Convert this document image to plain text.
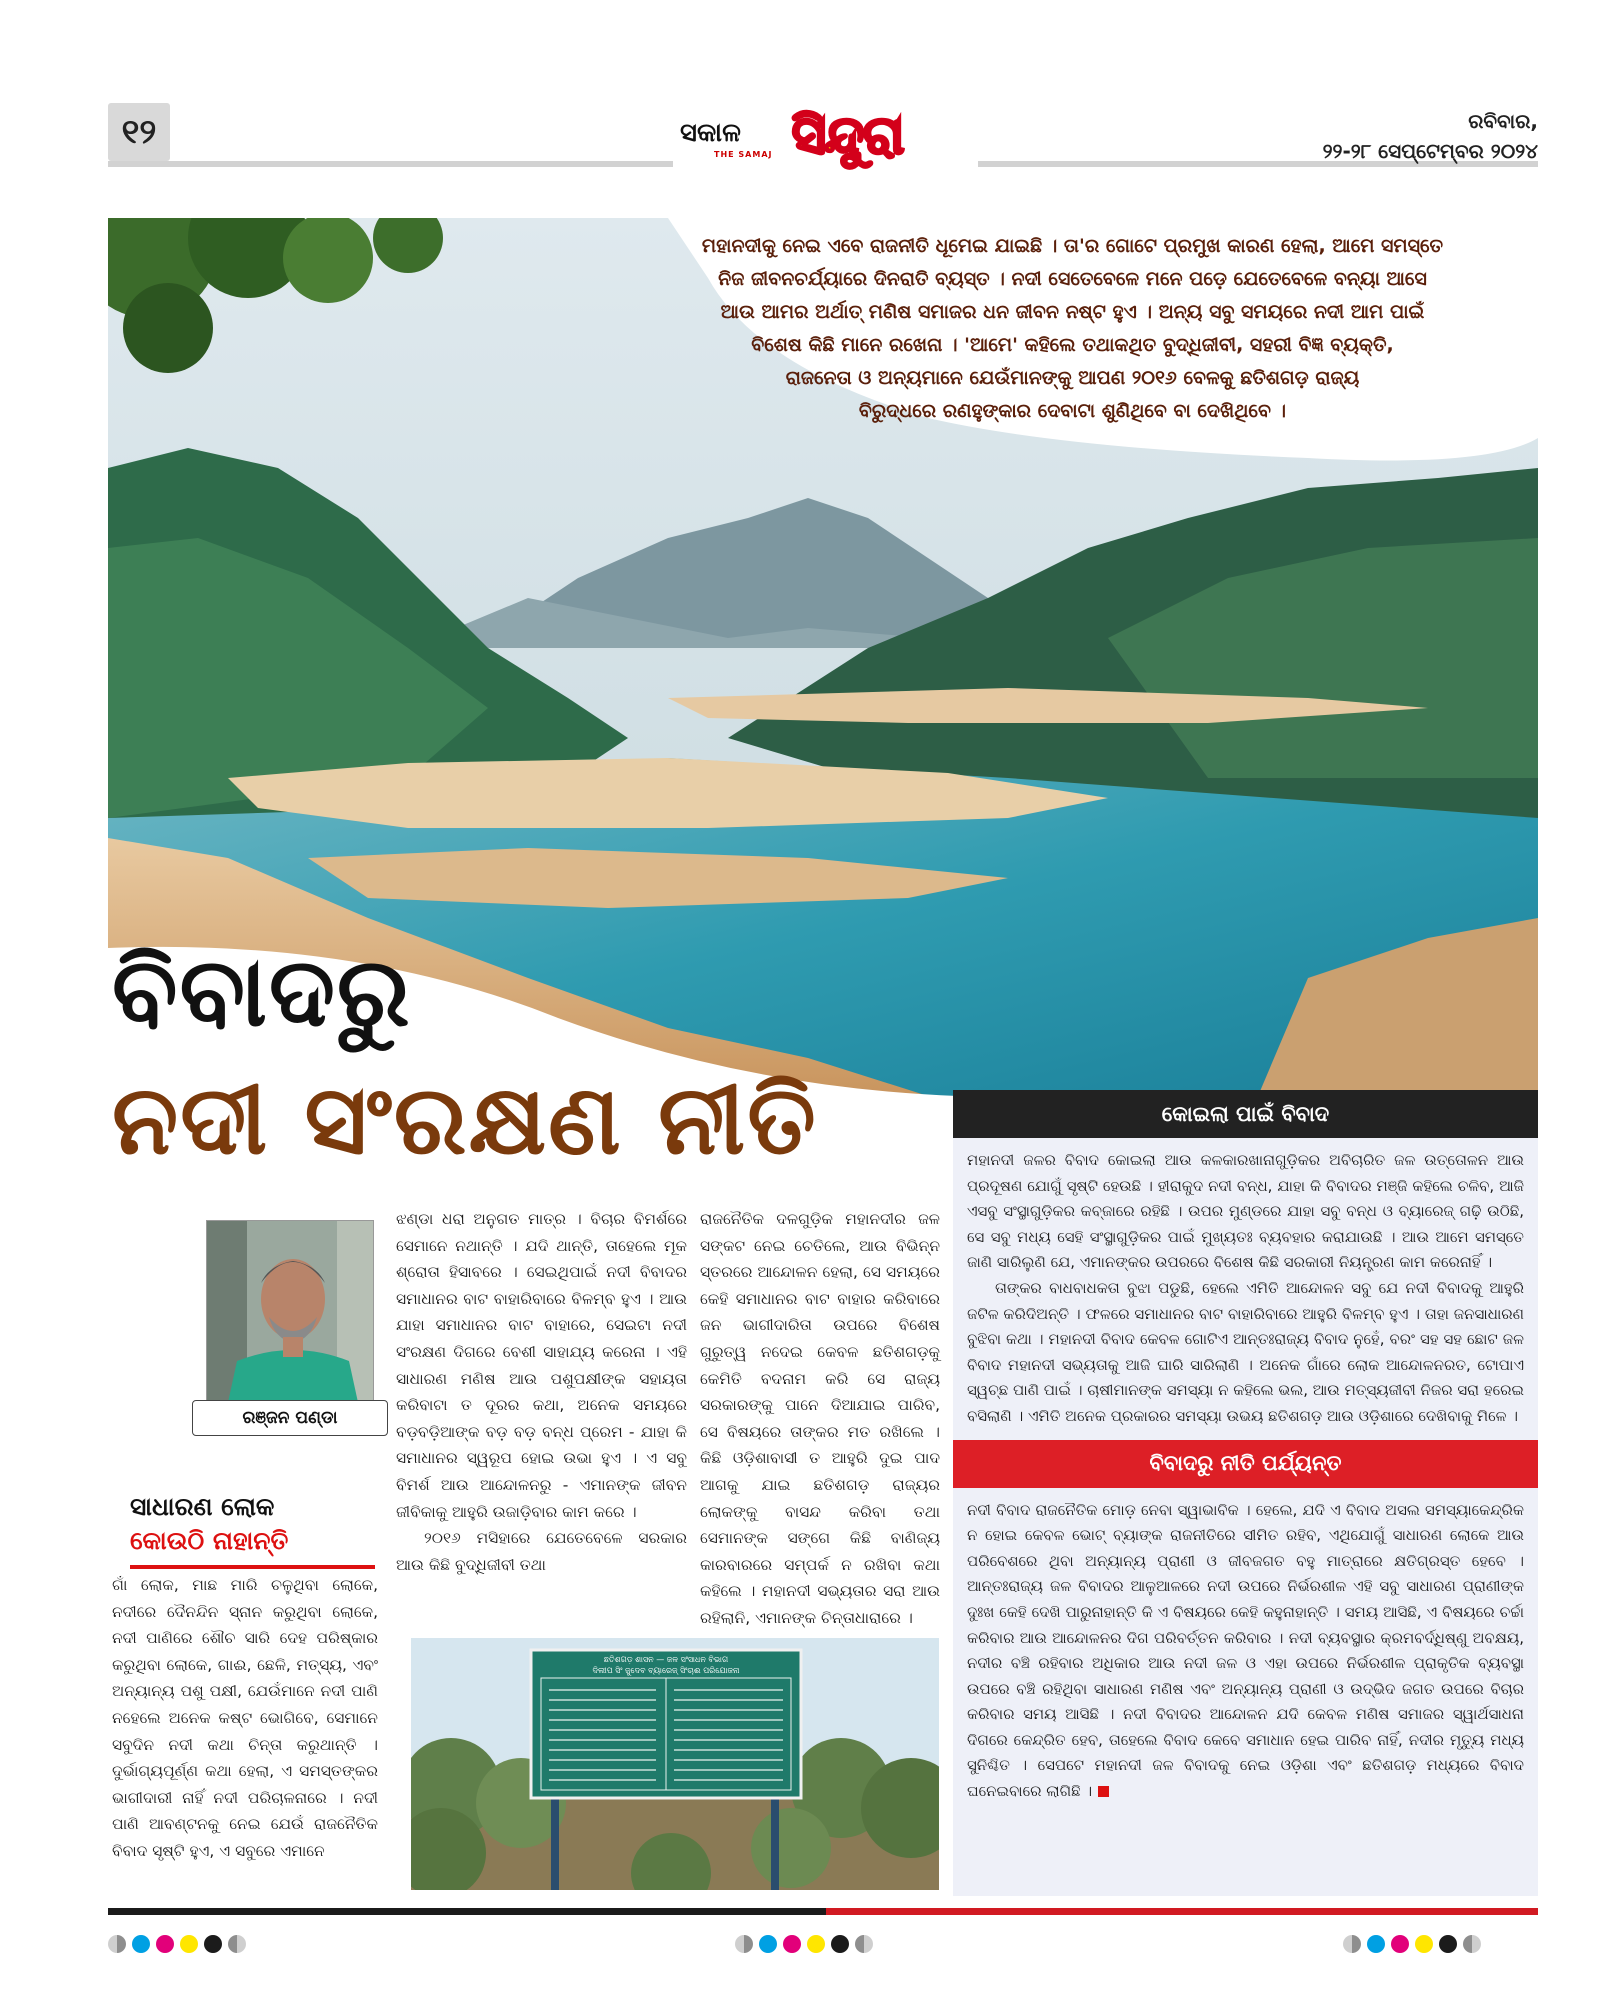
୧୨	ସକାଳ
THE SAMAJ ସିନ୍ଦୁରା	ରବିବାର,
୨୨-୨୮ ସେପ୍ଟେମ୍ବର ୨୦୨୪

ମହାନଦୀକୁ ନେଇ ଏବେ ରାଜନୀତି ଧୂମେଇ ଯାଇଛି । ତା'ର ଗୋଟେ ପ୍ରମୁଖ କାରଣ ହେଲା, ଆମେ ସମସ୍ତେ

ନିଜ ଜୀବନଚର୍ଯ୍ୟାରେ ଦିନରାତି ବ୍ୟସ୍ତ । ନଦୀ ସେତେବେଳେ ମନେ ପଡ଼େ ଯେତେବେଳେ ବନ୍ୟା ଆସେ

ଆଉ ଆମର ଅର୍ଥାତ୍ ମଣିଷ ସମାଜର ଧନ ଜୀବନ ନଷ୍ଟ ହୁଏ । ଅନ୍ୟ ସବୁ ସମୟରେ ନଦୀ ଆମ ପାଇଁ

ବିଶେଷ କିଛି ମାନେ ରଖେନା । 'ଆମେ' କହିଲେ ତଥାକଥିତ ବୁଦ୍ଧିଜୀବୀ, ସହରୀ ବିଜ୍ଞ ବ୍ୟକ୍ତି,

ରାଜନେତା ଓ ଅନ୍ୟମାନେ ଯେଉଁମାନଙ୍କୁ ଆପଣ ୨୦୧୬ ବେଳକୁ ଛତିଶଗଡ଼ ରାଜ୍ୟ

ବିରୁଦ୍ଧରେ ରଣହୁଙ୍କାର ଦେବାଟା ଶୁଣିଥିବେ ବା ଦେଖିଥିବେ ।

ବିବାଦରୁ
ନଦୀ ସଂରକ୍ଷଣ ନୀତି	କୋଇଲା ପାଇଁ ବିବାଦ

ମହାନଦୀ ଜଳର ବିବାଦ କୋଇଲା ଆଉ କଳକାରଖାନାଗୁଡ଼ିକର ଅବିଚାରିତ ଜଳ ଉତ୍ତୋଳନ ଆଉ ପ୍ରଦୂଷଣ ଯୋଗୁଁ ସୃଷ୍ଟି ହେଉଛି । ହୀରାକୁଦ ନଦୀ ବନ୍ଧ, ଯାହା କି ବିବାଦର ମଞ୍ଜି କହିଲେ ଚଳିବ, ଆଜି ଏସବୁ ସଂସ୍ଥାଗୁଡ଼ିକର କବ୍ଜାରେ ରହିଛି । ଉପର ମୁଣ୍ଡରେ ଯାହା ସବୁ ବନ୍ଧ ଓ ବ୍ୟାରେଜ୍ ଗଢ଼ି ଉଠିଛି, ସେ ସବୁ ମଧ୍ୟ ସେହି ସଂସ୍ଥାଗୁଡ଼ିକର ପାଇଁ ମୁଖ୍ୟତଃ ବ୍ୟବହାର କରାଯାଉଛି । ଆଉ ଆମେ ସମସ୍ତେ ଜାଣି ସାରିଲୁଣି ଯେ, ଏମାନଙ୍କର ଉପରରେ ବିଶେଷ କିଛି ସରକାରୀ ନିୟନ୍ତ୍ରଣ କାମ କରେନାହିଁ ।

ତାଙ୍କର ବାଧବାଧକତା ବୁଝା ପଡୁଛି, ହେଲେ ଏମିତି ଆନ୍ଦୋଳନ ସବୁ ଯେ ନଦୀ ବିବାଦକୁ ଆହୁରି ଜଟିଳ କରିଦିଅନ୍ତି । ଫଳରେ ସମାଧାନର ବାଟ ବାହାରିବାରେ ଆହୁରି ବିଳମ୍ବ ହୁଏ । ତାହା ଜନସାଧାରଣ ବୁଝିବା କଥା । ମହାନଦୀ ବିବାଦ କେବଳ ଗୋଟିଏ ଆନ୍ତଃରାଜ୍ୟ ବିବାଦ ନୁହେଁ, ବରଂ ସହ ସହ ଛୋଟ ଜଳ ବିବାଦ ମହାନଦୀ ସଭ୍ୟତାକୁ ଆଜି ଘାରି ସାରିଲାଣି । ଅନେକ ଗାଁରେ ଲୋକ ଆନ୍ଦୋଳନରତ, ଟୋପାଏ ସ୍ୱଚ୍ଛ ପାଣି ପାଇଁ । ଚାଷୀମାନଙ୍କ ସମସ୍ୟା ନ କହିଲେ ଭଲ, ଆଉ ମତ୍ସ୍ୟଜୀବୀ ନିଜର ସରା ହରେଇ ବସିଲାଣି । ଏମିତି ଅନେକ ପ୍ରକାରର ସମସ୍ୟା ଉଭୟ ଛତିଶଗଡ଼ ଆଉ ଓଡ଼ିଶାରେ ଦେଖିବାକୁ ମିଳେ ।

ବିବାଦରୁ ନୀତି ପର୍ଯ୍ୟନ୍ତ

ନଦୀ ବିବାଦ ରାଜନୈତିକ ମୋଡ଼ ନେବା ସ୍ୱାଭାବିକ । ହେଲେ, ଯଦି ଏ ବିବାଦ ଅସଲ ସମସ୍ୟାକେନ୍ଦ୍ରିକ ନ ହୋଇ କେବଳ ଭୋଟ୍ ବ୍ୟାଙ୍କ ରାଜନୀତିରେ ସୀମିତ ରହିବ, ଏଥିଯୋଗୁଁ ସାଧାରଣ ଲୋକେ ଆଉ ପରିବେଶରେ ଥିବା ଅନ୍ୟାନ୍ୟ ପ୍ରାଣୀ ଓ ଜୀବଜଗତ ବହୁ ମାତ୍ରାରେ କ୍ଷତିଗ୍ରସ୍ତ ହେବେ । ଆନ୍ତଃରାଜ୍ୟ ଜଳ ବିବାଦର ଆଳୁଆଳରେ ନଦୀ ଉପରେ ନିର୍ଭରଶୀଳ ଏହି ସବୁ ସାଧାରଣ ପ୍ରାଣୀଙ୍କ ଦୁଃଖ କେହି ଦେଖି ପାରୁନାହାନ୍ତି କି ଏ ବିଷୟରେ କେହି କହୁନାହାନ୍ତି । ସମୟ ଆସିଛି, ଏ ବିଷୟରେ ଚର୍ଚ୍ଚା କରିବାର ଆଉ ଆନ୍ଦୋଳନର ଦିଗ ପରିବର୍ତ୍ତନ କରିବାର । ନଦୀ ବ୍ୟବସ୍ଥାର କ୍ରମବର୍ଦ୍ଧିଷ୍ଣୁ ଅବକ୍ଷୟ, ନଦୀର ବଞ୍ଚି ରହିବାର ଅଧିକାର ଆଉ ନଦୀ ଜଳ ଓ ଏହା ଉପରେ ନିର୍ଭରଶୀଳ ପ୍ରାକୃତିକ ବ୍ୟବସ୍ଥା ଉପରେ ବଞ୍ଚି ରହିଥିବା ସାଧାରଣ ମଣିଷ ଏବଂ ଅନ୍ୟାନ୍ୟ ପ୍ରାଣୀ ଓ ଉଦ୍ଭିଦ ଜଗତ ଉପରେ ବିଚାର କରିବାର ସମୟ ଆସିଛି । ନଦୀ ବିବାଦର ଆନ୍ଦୋଳନ ଯଦି କେବଳ ମଣିଷ ସମାଜର ସ୍ୱାର୍ଥସାଧନା ଦିଗରେ କେନ୍ଦ୍ରିତ ହେବ, ତାହେଲେ ବିବାଦ କେବେ ସମାଧାନ ହେଇ ପାରିବ ନାହିଁ, ନଦୀର ମୃତ୍ୟୁ ମଧ୍ୟ ସୁନିଶ୍ଚିତ । ସେପଟେ ମହାନଦୀ ଜଳ ବିବାଦକୁ ନେଇ ଓଡ଼ିଶା ଏବଂ ଛତିଶଗଡ଼ ମଧ୍ୟରେ ବିବାଦ ଘନେଇବାରେ ଲାଗିଛି ।

ରଞ୍ଜନ ପଣ୍ଡା
ସାଧାରଣ ଲୋକ
କୋଉଠି ନାହାନ୍ତି

ଗାଁ ଲୋକ, ମାଛ ମାରି ଚଳୁଥିବା ଲୋକେ, ନଦୀରେ ଦୈନନ୍ଦିନ ସ୍ନାନ କରୁଥିବା ଲୋକେ, ନଦୀ ପାଣିରେ ଶୌଚ ସାରି ଦେହ ପରିଷ୍କାର କରୁଥିବା ଲୋକେ, ଗାଈ, ଛେଳି, ମତ୍ସ୍ୟ, ଏବଂ ଅନ୍ୟାନ୍ୟ ପଶୁ ପକ୍ଷୀ, ଯେଉଁମାନେ ନଦୀ ପାଣି ନହେଲେ ଅନେକ କଷ୍ଟ ଭୋଗିବେ, ସେମାନେ ସବୁଦିନ ନଦୀ କଥା ଚିନ୍ତା କରୁଥାନ୍ତି । ଦୁର୍ଭାଗ୍ୟପୂର୍ଣ୍ଣ କଥା ହେଲା, ଏ ସମସ୍ତଙ୍କର ଭାଗୀଦାରୀ ନାହିଁ ନଦୀ ପରିଚାଳନାରେ । ନଦୀ ପାଣି ଆବଣ୍ଟନକୁ ନେଇ ଯେଉଁ ରାଜନୈତିକ ବିବାଦ ସୃଷ୍ଟି ହୁଏ, ଏ ସବୁରେ ଏମାନେ

ଝଣ୍ଡା ଧରା ଅନୁଗତ ମାତ୍ର । ବିଚାର ବିମର୍ଶରେ ସେମାନେ ନଥାନ୍ତି । ଯଦି ଥାନ୍ତି, ତାହେଲେ ମୂକ ଶ୍ରୋତା ହିସାବରେ । ସେଇଥିପାଇଁ ନଦୀ ବିବାଦର ସମାଧାନର ବାଟ ବାହାରିବାରେ ବିଳମ୍ବ ହୁଏ । ଆଉ ଯାହା ସମାଧାନର ବାଟ ବାହାରେ, ସେଇଟା ନଦୀ ସଂରକ୍ଷଣ ଦିଗରେ ବେଶୀ ସାହାଯ୍ୟ କରେନା । ଏହି ସାଧାରଣ ମଣିଷ ଆଉ ପଶୁପକ୍ଷୀଙ୍କ ସହାୟତା କରିବାଟା ତ ଦୂରର କଥା, ଅନେକ ସମୟରେ ବଡ଼ବଡ଼ିଆଙ୍କ ବଡ଼ ବଡ଼ ବନ୍ଧ ପ୍ରେମ - ଯାହା କି ସମାଧାନର ସ୍ୱରୂପ ହୋଇ ଉଭା ହୁଏ । ଏ ସବୁ ବିମର୍ଶ ଆଉ ଆନ୍ଦୋଳନରୁ - ଏମାନଙ୍କ ଜୀବନ ଜୀବିକାକୁ ଆହୁରି ଉଜାଡ଼ିବାର କାମ କରେ ।

୨୦୧୬ ମସିହାରେ ଯେତେବେଳେ ସରକାର ଆଉ କିଛି ବୁଦ୍ଧିଜୀବୀ ତଥା

ରାଜନୈତିକ ଦଳଗୁଡ଼ିକ ମହାନଦୀର ଜଳ ସଙ୍କଟ ନେଇ ଚେତିଲେ, ଆଉ ବିଭିନ୍ନ ସ୍ତରରେ ଆନ୍ଦୋଳନ ହେଲା, ସେ ସମୟରେ କେହି ସମାଧାନର ବାଟ ବାହାର କରିବାରେ ଜନ ଭାଗୀଦାରିତା ଉପରେ ବିଶେଷ ଗୁରୁତ୍ୱ ନଦେଇ କେବଳ ଛତିଶଗଡ଼କୁ କେମିତି ବଦନାମ କରି ସେ ରାଜ୍ୟ ସରକାରଙ୍କୁ ପାନେ ଦିଆଯାଇ ପାରିବ, ସେ ବିଷୟରେ ତାଙ୍କର ମତ ରଖିଲେ । କିଛି ଓଡ଼ିଶାବାସୀ ତ ଆହୁରି ଦୁଇ ପାଦ ଆଗକୁ ଯାଇ ଛତିଶଗଡ଼ ରାଜ୍ୟର ଲୋକଙ୍କୁ ବାସନ୍ଦ କରିବା ତଥା ସେମାନଙ୍କ ସଙ୍ଗେ କିଛି ବାଣିଜ୍ୟ କାରବାରରେ ସମ୍ପର୍କ ନ ରଖିବା କଥା କହିଲେ । ମହାନଦୀ ସଭ୍ୟତାର ସରା ଆଉ ରହିଲାନି, ଏମାନଙ୍କ ଚିନ୍ତାଧାରାରେ ।

ଛତିଶଗଡ଼ ଶାସନ — ଜଳ ସଂସାଧନ ବିଭାଗ
ଦିଲୀପ ସିଂ ଜୁଦେବ ବ୍ୟାରେଜ୍ ସିଂଚାଈ ପରିଯୋଜନା
